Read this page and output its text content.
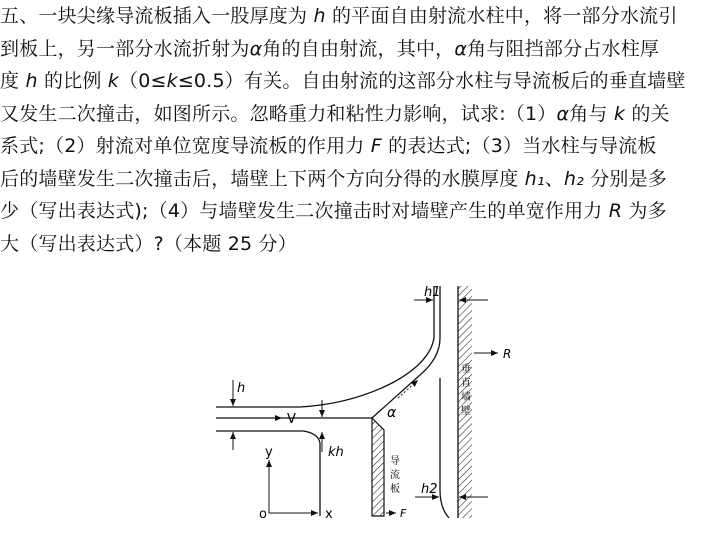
五、一块尖缘导流板插入一股厚度为 h 的平面自由射流水柱中，将一部分水流引
到板上，另一部分水流折射为α角的自由射流，其中，α角与阻挡部分占水柱厚
度 h 的比例 k（0≤k≤0.5）有关。自由射流的这部分水柱与导流板后的垂直墙壁
又发生二次撞击，如图所示。忽略重力和粘性力影响，试求:（1）α角与 k 的关
系式;（2）射流对单位宽度导流板的作用力 F 的表达式;（3）当水柱与导流板
后的墙壁发生二次撞击后，墙壁上下两个方向分得的水膜厚度 h₁、h₂ 分别是多
少（写出表达式);（4）与墙壁发生二次撞击时对墙壁产生的单宽作用力 R 为多
大（写出表达式）?（本题 25 分）
h
V
kh
α
h1
h2
R
垂
直
墙
壁
导
流
板
F
y
x
o
